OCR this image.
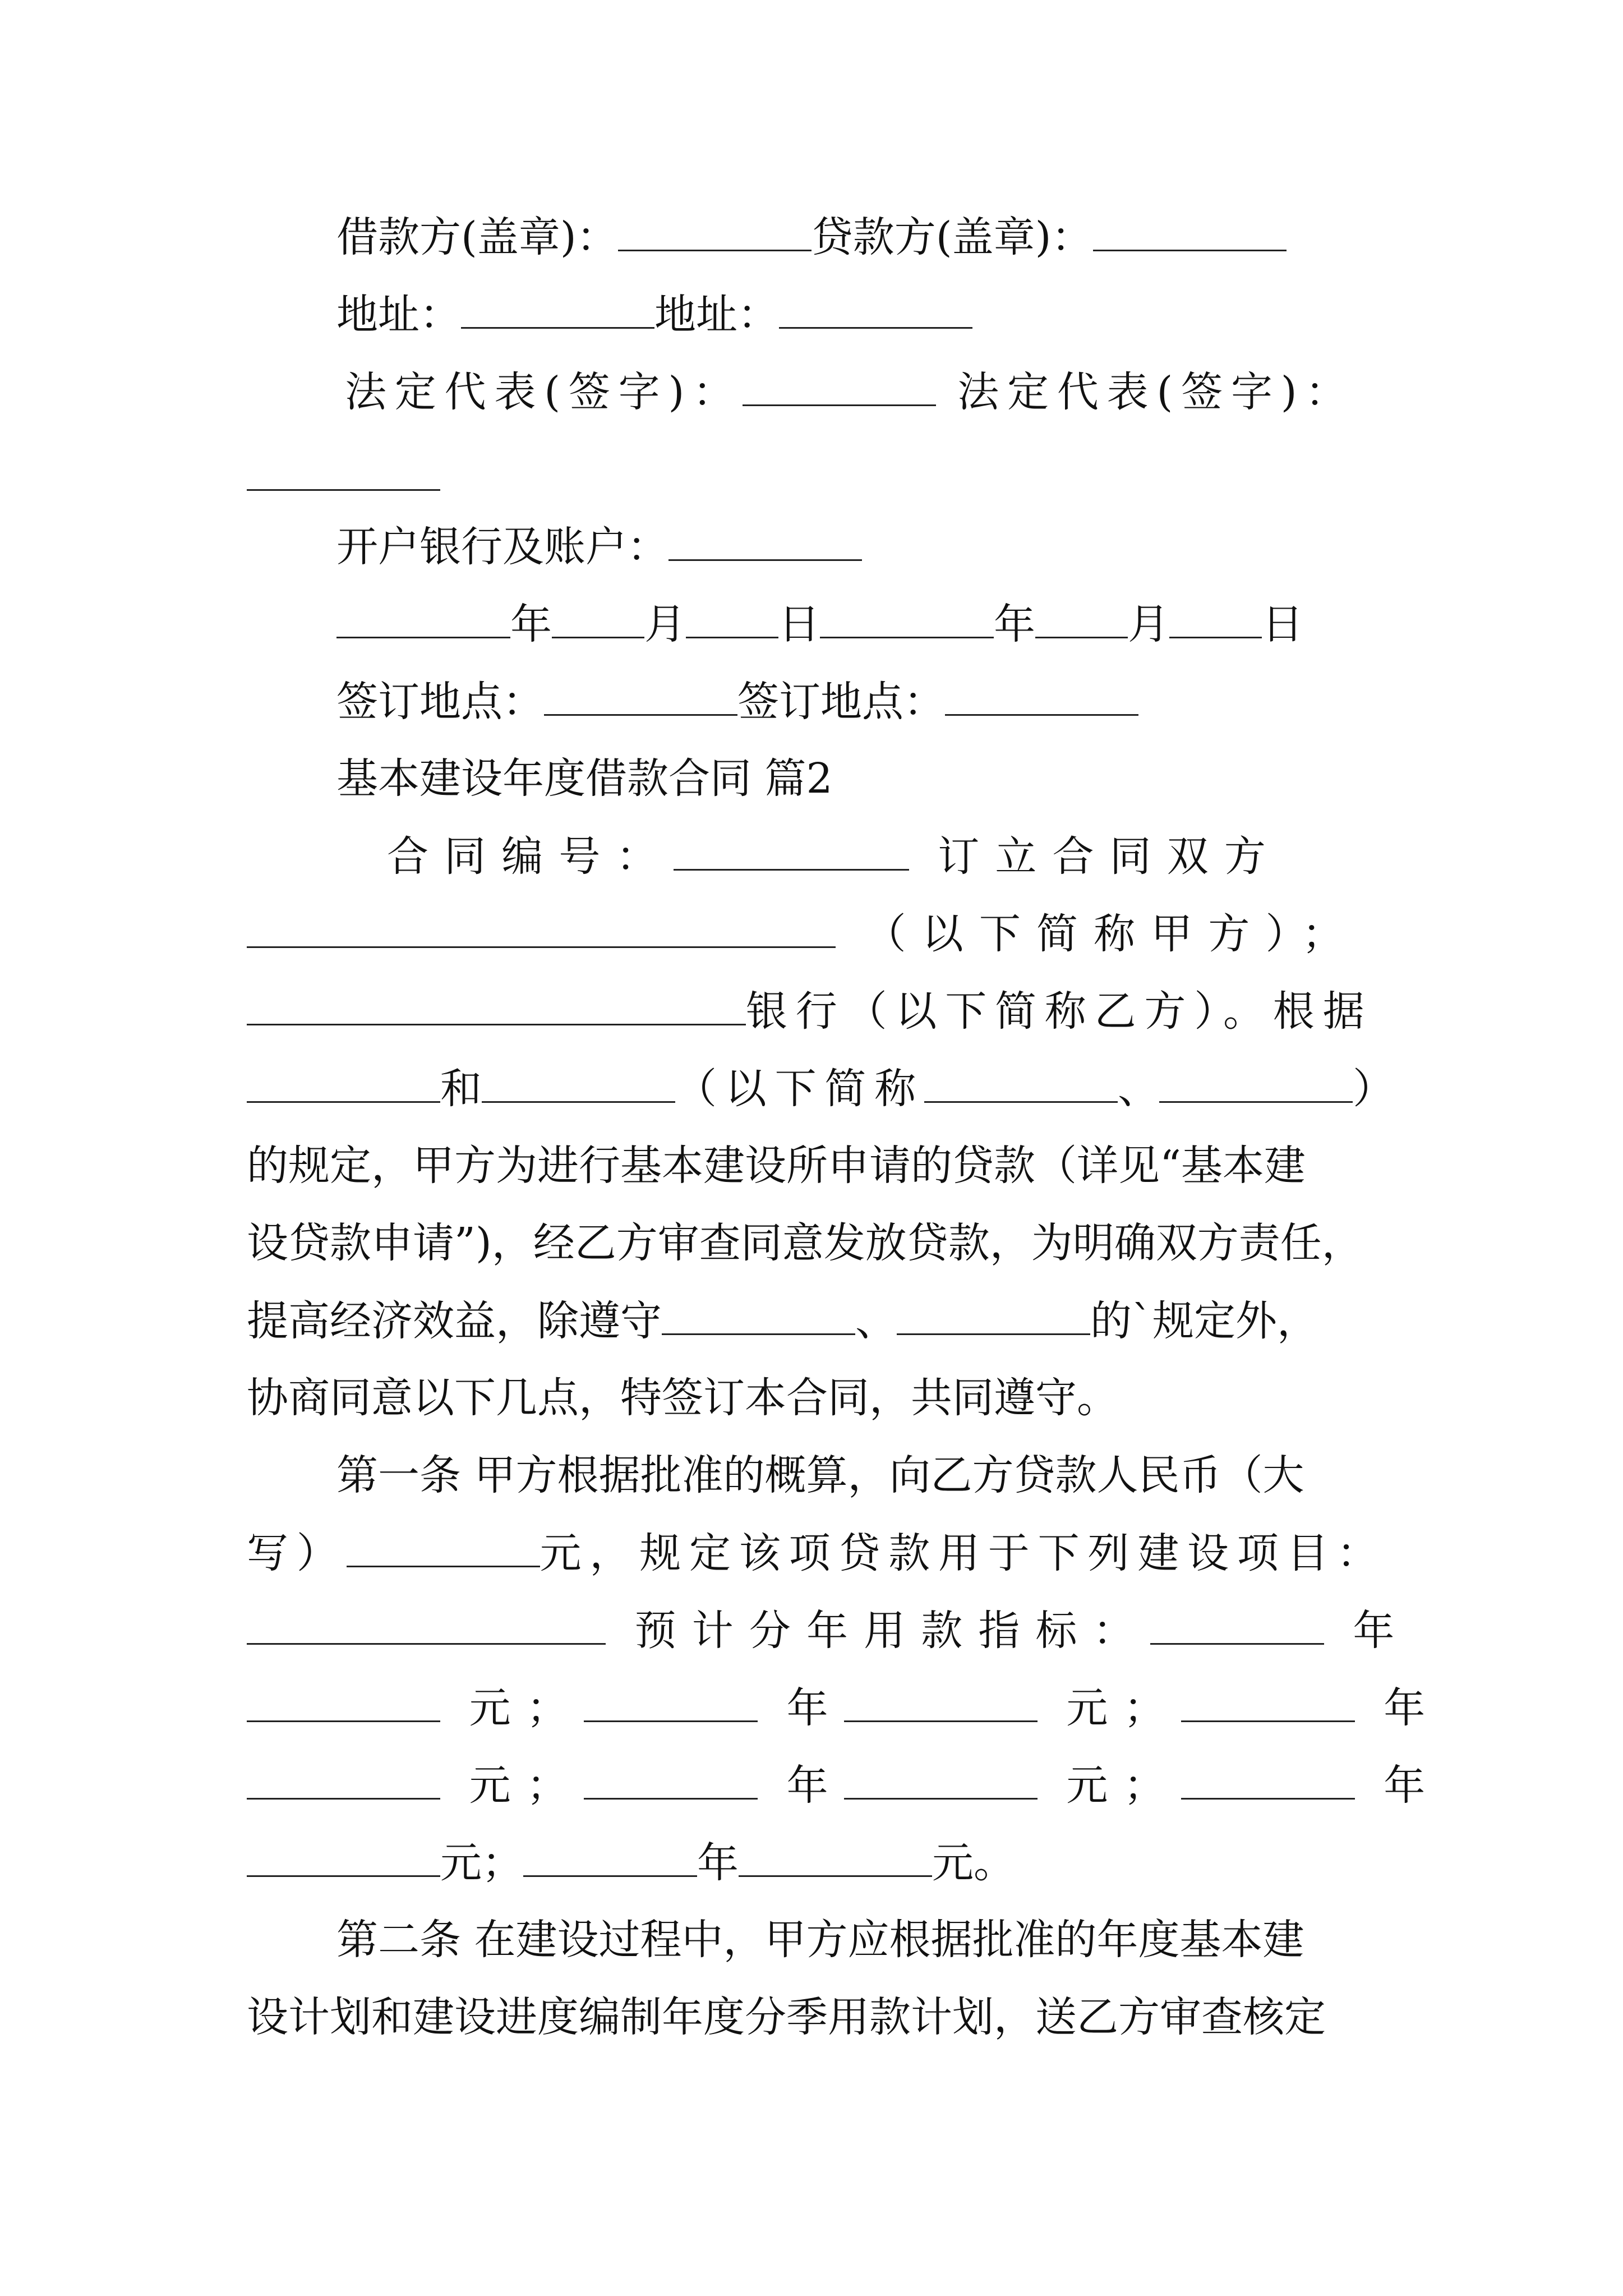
借款方(盖章)：	贷款方(盖章)：
地址：	地址：
法定代表(签字)：	法定代表(签字)：
开户银行及账户：
年 月 日	年 月 日
签订地点：	签订地点：
基本建设年度借款合同 篇2
合同编号：	订立合同双方
（以下简称甲方）；
银行（以下简称乙方）。根据
和	（以下简称	、	）
的规定，甲方为进行基本建设所申请的贷款（详见“基本建
设贷款申请”)，经乙方审查同意发放贷款，为明确双方责任，
提高经济效益，除遵守	、	的`规定外，
协商同意以下几点，特签订本合同，共同遵守。
第一条 甲方根据批准的概算，向乙方贷款人民币（大
写）	元，规定该项贷款用于下列建设项目：
预计分年用款指标：	年
元；	年	元；	年
元；	年	元；	年
元；	年	元。
第二条 在建设过程中，甲方应根据批准的年度基本建
设计划和建设进度编制年度分季用款计划，送乙方审查核定
